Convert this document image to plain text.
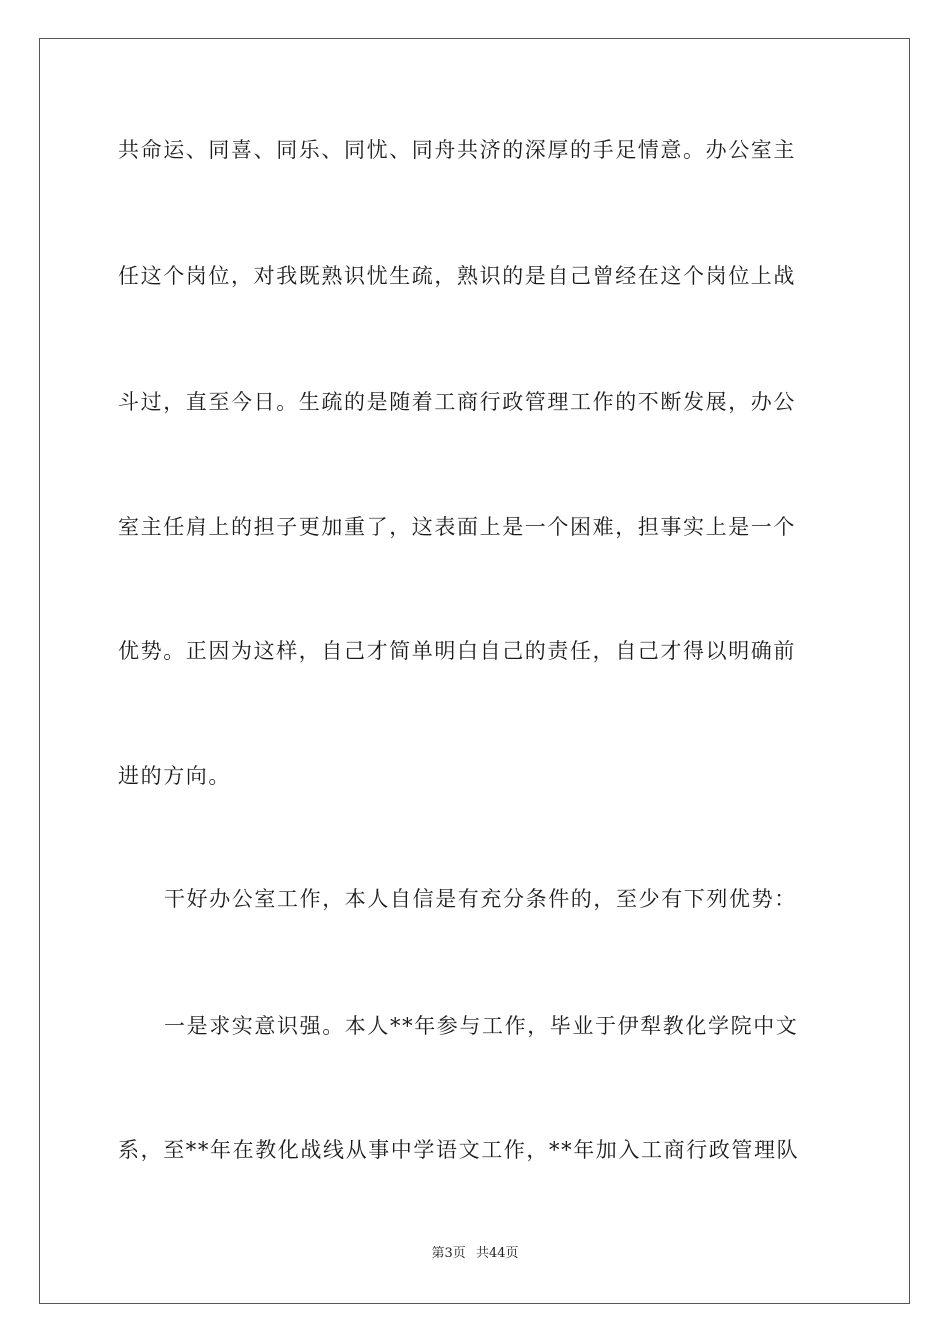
共命运、同喜、同乐、同忧、同舟共济的深厚的手足情意。办公室主
任这个岗位，对我既熟识忧生疏，熟识的是自己曾经在这个岗位上战
斗过，直至今日。生疏的是随着工商行政管理工作的不断发展，办公
室主任肩上的担子更加重了，这表面上是一个困难，担事实上是一个
优势。正因为这样，自己才简单明白自己的责任，自己才得以明确前
进的方向。
干好办公室工作，本人自信是有充分条件的，至少有下列优势：
一是求实意识强。本人**年参与工作，毕业于伊犁教化学院中文
系，至**年在教化战线从事中学语文工作，**年加入工商行政管理队
第3页 共44页
